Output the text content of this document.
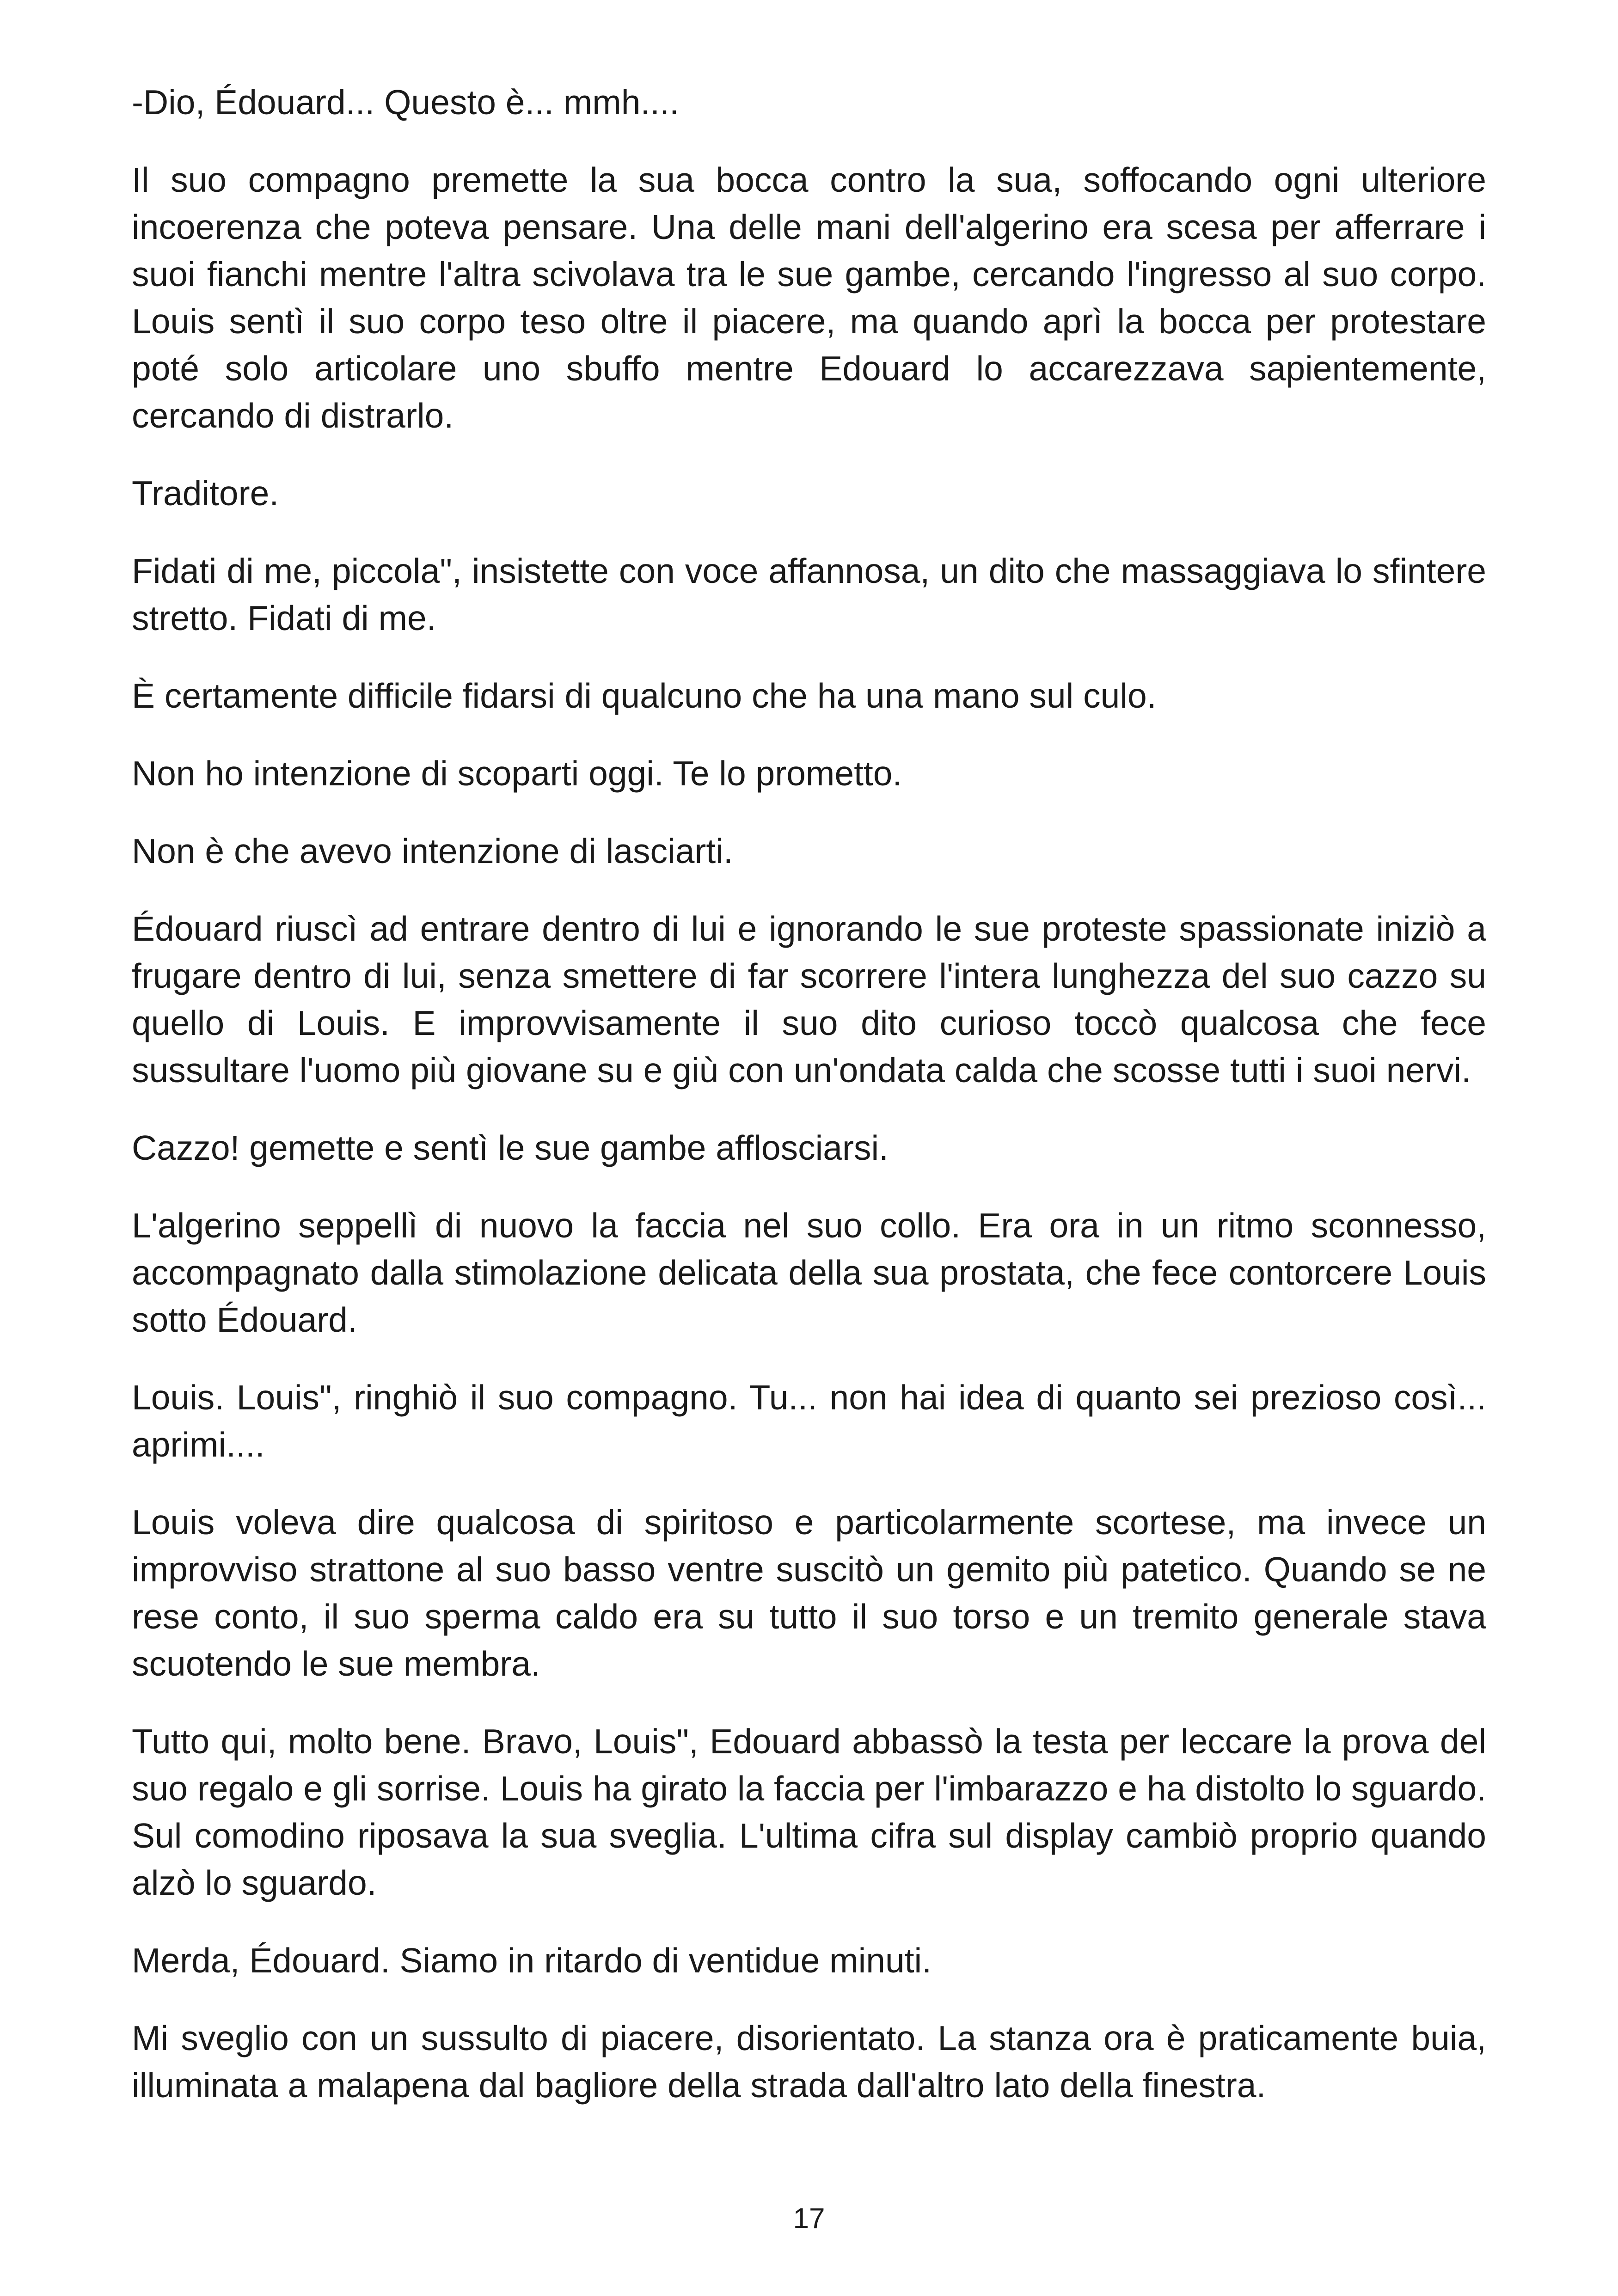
-Dio, Édouard... Questo è... mmh....

Il suo compagno premette la sua bocca contro la sua, soffocando ogni ulteriore incoerenza che poteva pensare. Una delle mani dell'algerino era scesa per afferrare i suoi fianchi mentre l'altra scivolava tra le sue gambe, cercando l'ingresso al suo corpo. Louis sentì il suo corpo teso oltre il piacere, ma quando aprì la bocca per protestare poté solo articolare uno sbuffo mentre Edouard lo accarezzava sapientemente, cercando di distrarlo.

Traditore.

Fidati di me, piccola", insistette con voce affannosa, un dito che massaggiava lo sfintere stretto. Fidati di me.

È certamente difficile fidarsi di qualcuno che ha una mano sul culo.

Non ho intenzione di scoparti oggi. Te lo prometto.

Non è che avevo intenzione di lasciarti.

Édouard riuscì ad entrare dentro di lui e ignorando le sue proteste spassionate iniziò a frugare dentro di lui, senza smettere di far scorrere l'intera lunghezza del suo cazzo su quello di Louis. E improvvisamente il suo dito curioso toccò qualcosa che fece sussultare l'uomo più giovane su e giù con un'ondata calda che scosse tutti i suoi nervi.

Cazzo! gemette e sentì le sue gambe afflosciarsi.

L'algerino seppellì di nuovo la faccia nel suo collo. Era ora in un ritmo sconnesso, accompagnato dalla stimolazione delicata della sua prostata, che fece contorcere Louis sotto Édouard.

Louis. Louis", ringhiò il suo compagno. Tu... non hai idea di quanto sei prezioso così... aprimi....

Louis voleva dire qualcosa di spiritoso e particolarmente scortese, ma invece un improvviso strattone al suo basso ventre suscitò un gemito più patetico. Quando se ne rese conto, il suo sperma caldo era su tutto il suo torso e un tremito generale stava scuotendo le sue membra.

Tutto qui, molto bene. Bravo, Louis", Edouard abbassò la testa per leccare la prova del suo regalo e gli sorrise. Louis ha girato la faccia per l'imbarazzo e ha distolto lo sguardo. Sul comodino riposava la sua sveglia. L'ultima cifra sul display cambiò proprio quando alzò lo sguardo.

Merda, Édouard. Siamo in ritardo di ventidue minuti.

Mi sveglio con un sussulto di piacere, disorientato. La stanza ora è praticamente buia, illuminata a malapena dal bagliore della strada dall'altro lato della finestra.

17
